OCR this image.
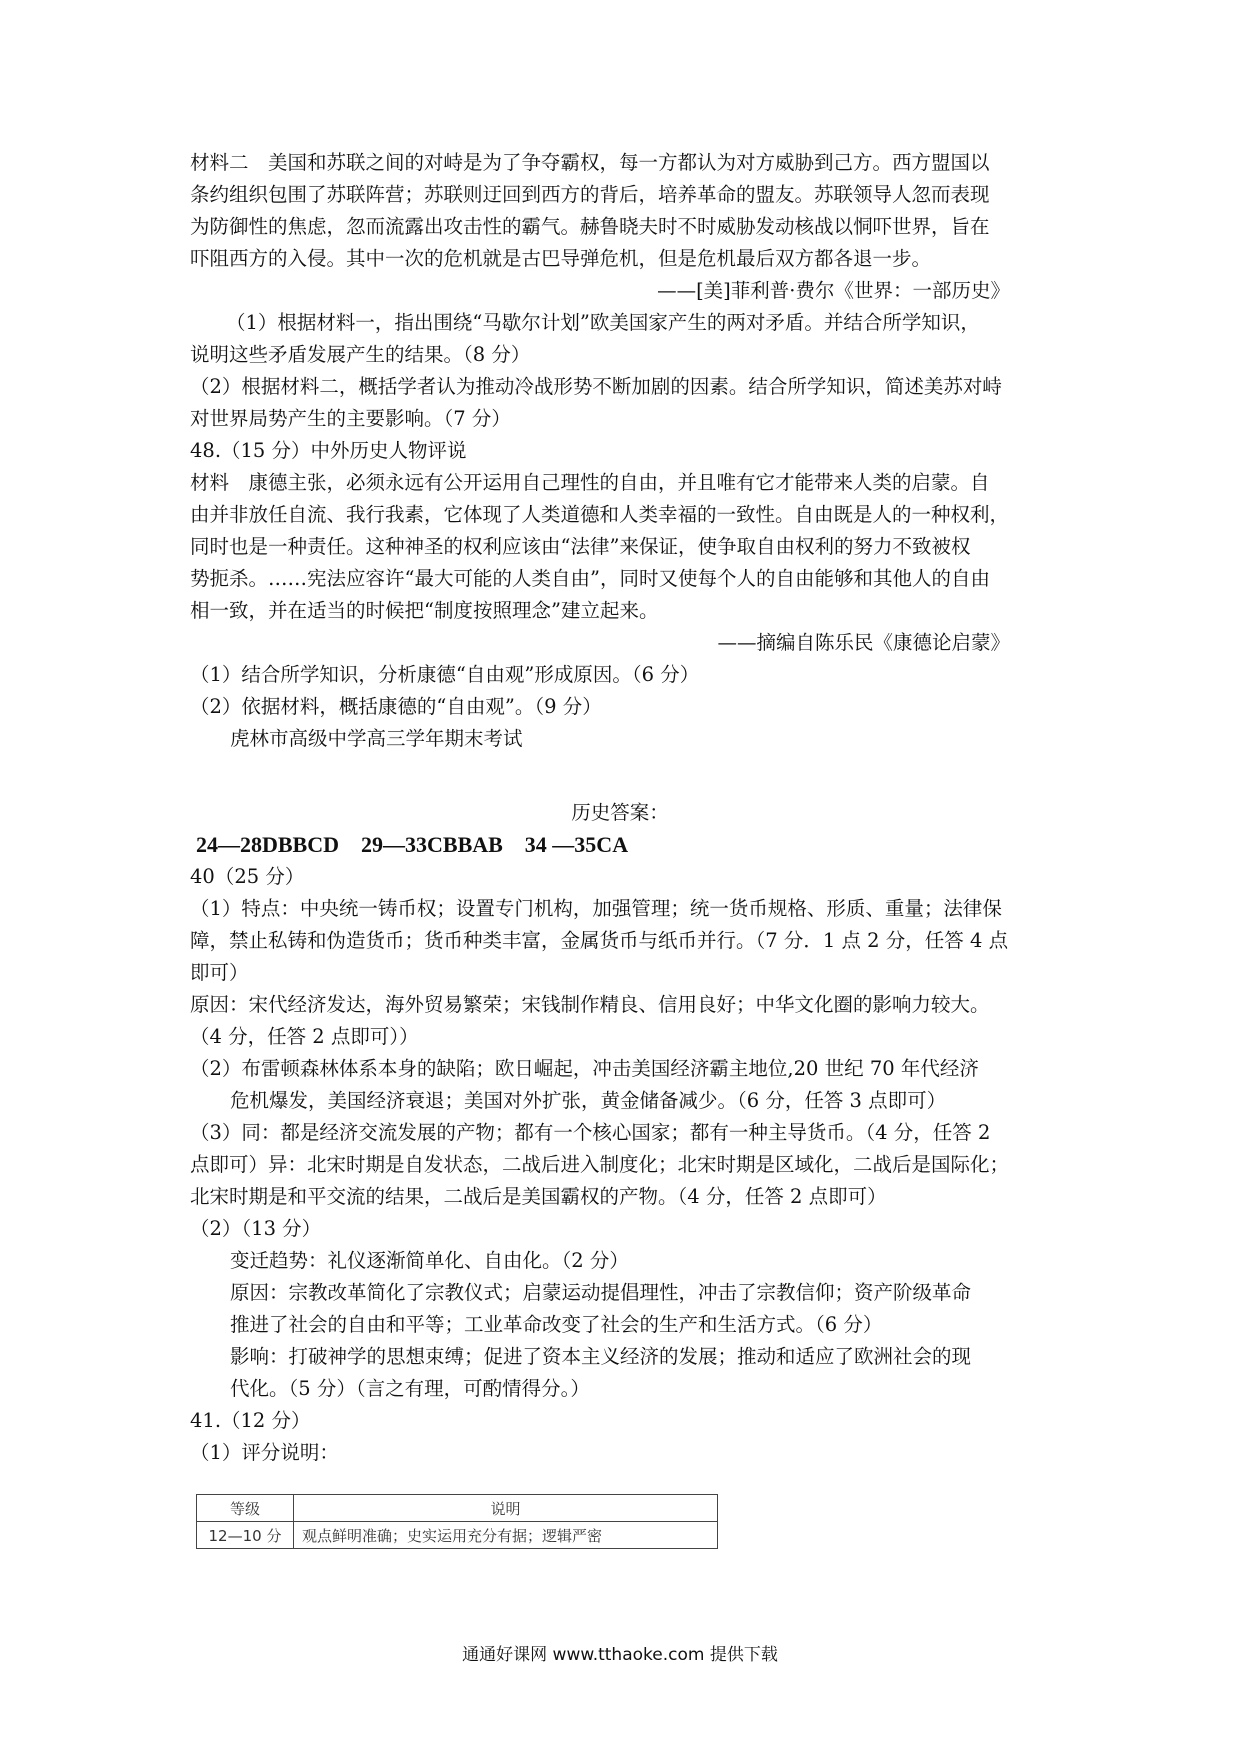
材料二　美国和苏联之间的对峙是为了争夺霸权，每一方都认为对方威胁到己方。西方盟国以
条约组织包围了苏联阵营；苏联则迂回到西方的背后，培养革命的盟友。苏联领导人忽而表现
为防御性的焦虑，忽而流露出攻击性的霸气。赫鲁晓夫时不时威胁发动核战以恫吓世界，旨在
吓阻西方的入侵。其中一次的危机就是古巴导弹危机，但是危机最后双方都各退一步。
——[美]菲利普·费尔《世界：一部历史》
（1）根据材料一，指出围绕“马歇尔计划”欧美国家产生的两对矛盾。并结合所学知识，
说明这些矛盾发展产生的结果。（8 分）
（2）根据材料二，概括学者认为推动冷战形势不断加剧的因素。结合所学知识，简述美苏对峙
对世界局势产生的主要影响。（7 分）
48.（15 分）中外历史人物评说
材料　康德主张，必须永远有公开运用自己理性的自由，并且唯有它才能带来人类的启蒙。自
由并非放任自流、我行我素，它体现了人类道德和人类幸福的一致性。自由既是人的一种权利，
同时也是一种责任。这种神圣的权利应该由“法律”来保证，使争取自由权利的努力不致被权
势扼杀。……宪法应容许“最大可能的人类自由”，同时又使每个人的自由能够和其他人的自由
相一致，并在适当的时候把“制度按照理念”建立起来。
——摘编自陈乐民《康德论启蒙》
（1）结合所学知识，分析康德“自由观”形成原因。（6 分）
（2）依据材料，概括康德的“自由观”。（9 分）
虎林市高级中学高三学年期末考试
历史答案：
24—28DBBCD　29—33CBBAB　34 —35CA
40（25 分）
（1）特点：中央统一铸币权；设置专门机构，加强管理；统一货币规格、形质、重量；法律保
障，禁止私铸和伪造货币；货币种类丰富，金属货币与纸币并行。（7 分．1 点 2 分，任答 4 点
即可）
原因：宋代经济发达，海外贸易繁荣；宋钱制作精良、信用良好；中华文化圈的影响力较大。
（4 分，任答 2 点即可））
（2）布雷顿森林体系本身的缺陷；欧日崛起，冲击美国经济霸主地位,20 世纪 70 年代经济
危机爆发，美国经济衰退；美国对外扩张，黄金储备减少。（6 分，任答 3 点即可）
（3）同：都是经济交流发展的产物；都有一个核心国家；都有一种主导货币。（4 分，任答 2
点即可）异：北宋时期是自发状态，二战后进入制度化；北宋时期是区域化，二战后是国际化；
北宋时期是和平交流的结果，二战后是美国霸权的产物。（4 分，任答 2 点即可）
（2）（13 分）
变迁趋势：礼仪逐渐简单化、自由化。（2 分）
原因：宗教改革简化了宗教仪式；启蒙运动提倡理性，冲击了宗教信仰；资产阶级革命
推进了社会的自由和平等；工业革命改变了社会的生产和生活方式。（6 分）
影响：打破神学的思想束缚；促进了资本主义经济的发展；推动和适应了欧洲社会的现
代化。（5 分）（言之有理，可酌情得分。）
41.（12 分）
（1）评分说明：
等级	说明
12—10 分	观点鲜明准确；史实运用充分有据；逻辑严密
通通好课网 www.tthaoke.com 提供下载
